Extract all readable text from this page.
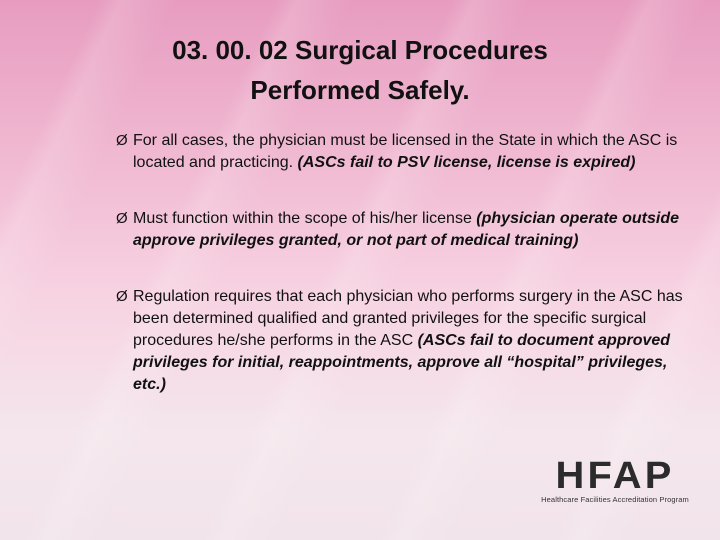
03. 00. 02 Surgical Procedures
Performed Safely.
Ø For all cases, the physician must be licensed in the State in which the ASC is located and practicing. (ASCs fail to PSV license, license is expired)
Ø Must function within the scope of his/her license (physician operate outside approve privileges granted, or not part of medical training)
Ø Regulation requires that each physician who performs surgery in the ASC has been determined qualified and granted privileges for the specific surgical procedures he/she performs in the ASC (ASCs fail to document approved privileges for initial, reappointments, approve all “hospital” privileges, etc.)
HFAP
Healthcare Facilities Accreditation Program
